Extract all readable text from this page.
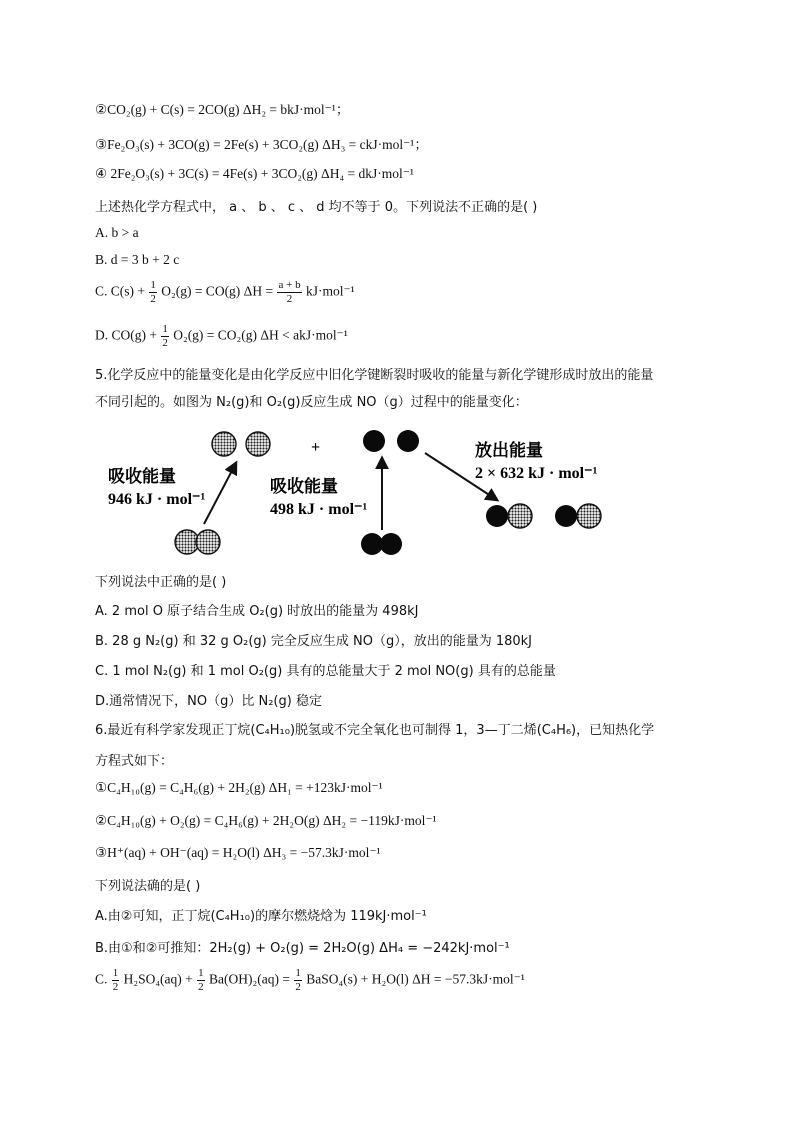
②CO₂(g) + C(s) = 2CO(g) ΔH₂ = bkJ·mol⁻¹；
③Fe₂O₃(s) + 3CO(g) = 2Fe(s) + 3CO₂(g) ΔH₃ = ckJ·mol⁻¹；
④ 2Fe₂O₃(s) + 3C(s) = 4Fe(s) + 3CO₂(g) ΔH₄ = dkJ·mol⁻¹
上述热化学方程式中， a 、 b 、 c 、 d 均不等于 0。下列说法不正确的是( )
A. b > a
B. d = 3 b + 2 c
C. $C(s) + \frac{1}{2} O_2(g) = CO(g) \Delta H = \frac{a + b}{2} kJ\cdot mol^{-1}$
D. $CO(g) + \frac{1}{2} O_2(g) = CO_2(g) \Delta H < akJ\cdot mol^{-1}$
5.化学反应中的能量变化是由化学反应中旧化学键断裂时吸收的能量与新化学键形成时放出的能量
不同引起的。如图为 N₂(g)和 O₂(g)反应生成 NO（g）过程中的能量变化：
+
吸收能量
946 kJ · mol⁻¹
吸收能量
498 kJ · mol⁻¹
放出能量
2 × 632 kJ · mol⁻¹
下列说法中正确的是( )
A. 2 mol O 原子结合生成 O₂(g) 时放出的能量为 498kJ
B. 28 g N₂(g) 和 32 g O₂(g) 完全反应生成 NO（g），放出的能量为 180kJ
C. 1 mol N₂(g) 和 1 mol O₂(g) 具有的总能量大于 2 mol NO(g) 具有的总能量
D.通常情况下，NO（g）比 N₂(g) 稳定
6.最近有科学家发现正丁烷(C₄H₁₀)脱氢或不完全氧化也可制得 1，3—丁二烯(C₄H₆)，已知热化学
方程式如下：
①C₄H₁₀(g) = C₄H₆(g) + 2H₂(g) ΔH₁ = +123kJ·mol⁻¹
②C₄H₁₀(g) + O₂(g) = C₄H₆(g) + 2H₂O(g) ΔH₂ = −119kJ·mol⁻¹
③H⁺(aq) + OH⁻(aq) = H₂O(l) ΔH₃ = −57.3kJ·mol⁻¹
下列说法确的是( )
A.由②可知，正丁烷(C₄H₁₀)的摩尔燃烧焓为 119kJ·mol⁻¹
B.由①和②可推知：2H₂(g) + O₂(g) = 2H₂O(g) ΔH₄ = −242kJ·mol⁻¹
C. $\frac{1}{2} H_2SO_4(aq) + \frac{1}{2} Ba(OH)_2(aq) = \frac{1}{2}$ BaSO₄(s) + H₂O(l) ΔH = −57.3kJ·mol⁻¹
